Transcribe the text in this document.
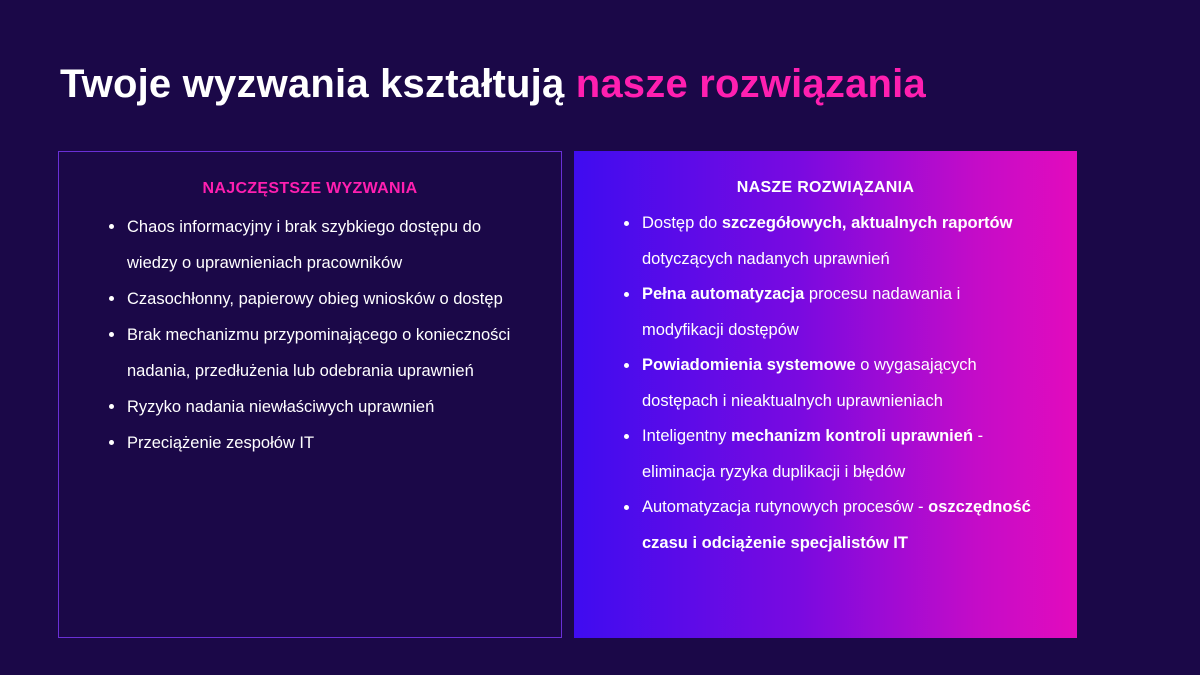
Twoje wyzwania kształtują nasze rozwiązania
NAJCZĘSTSZE WYZWANIA
Chaos informacyjny i brak szybkiego dostępu do wiedzy o uprawnieniach pracowników
Czasochłonny, papierowy obieg wniosków o dostęp
Brak mechanizmu przypominającego o konieczności nadania, przedłużenia lub odebrania uprawnień
Ryzyko nadania niewłaściwych uprawnień
Przeciążenie zespołów IT
NASZE ROZWIĄZANIA
Dostęp do szczegółowych, aktualnych raportów dotyczących nadanych uprawnień
Pełna automatyzacja procesu nadawania i modyfikacji dostępów
Powiadomienia systemowe o wygasających dostępach i nieaktualnych uprawnieniach
Inteligentny mechanizm kontroli uprawnień - eliminacja ryzyka duplikacji i błędów
Automatyzacja rutynowych procesów - oszczędność czasu i odciążenie specjalistów IT
